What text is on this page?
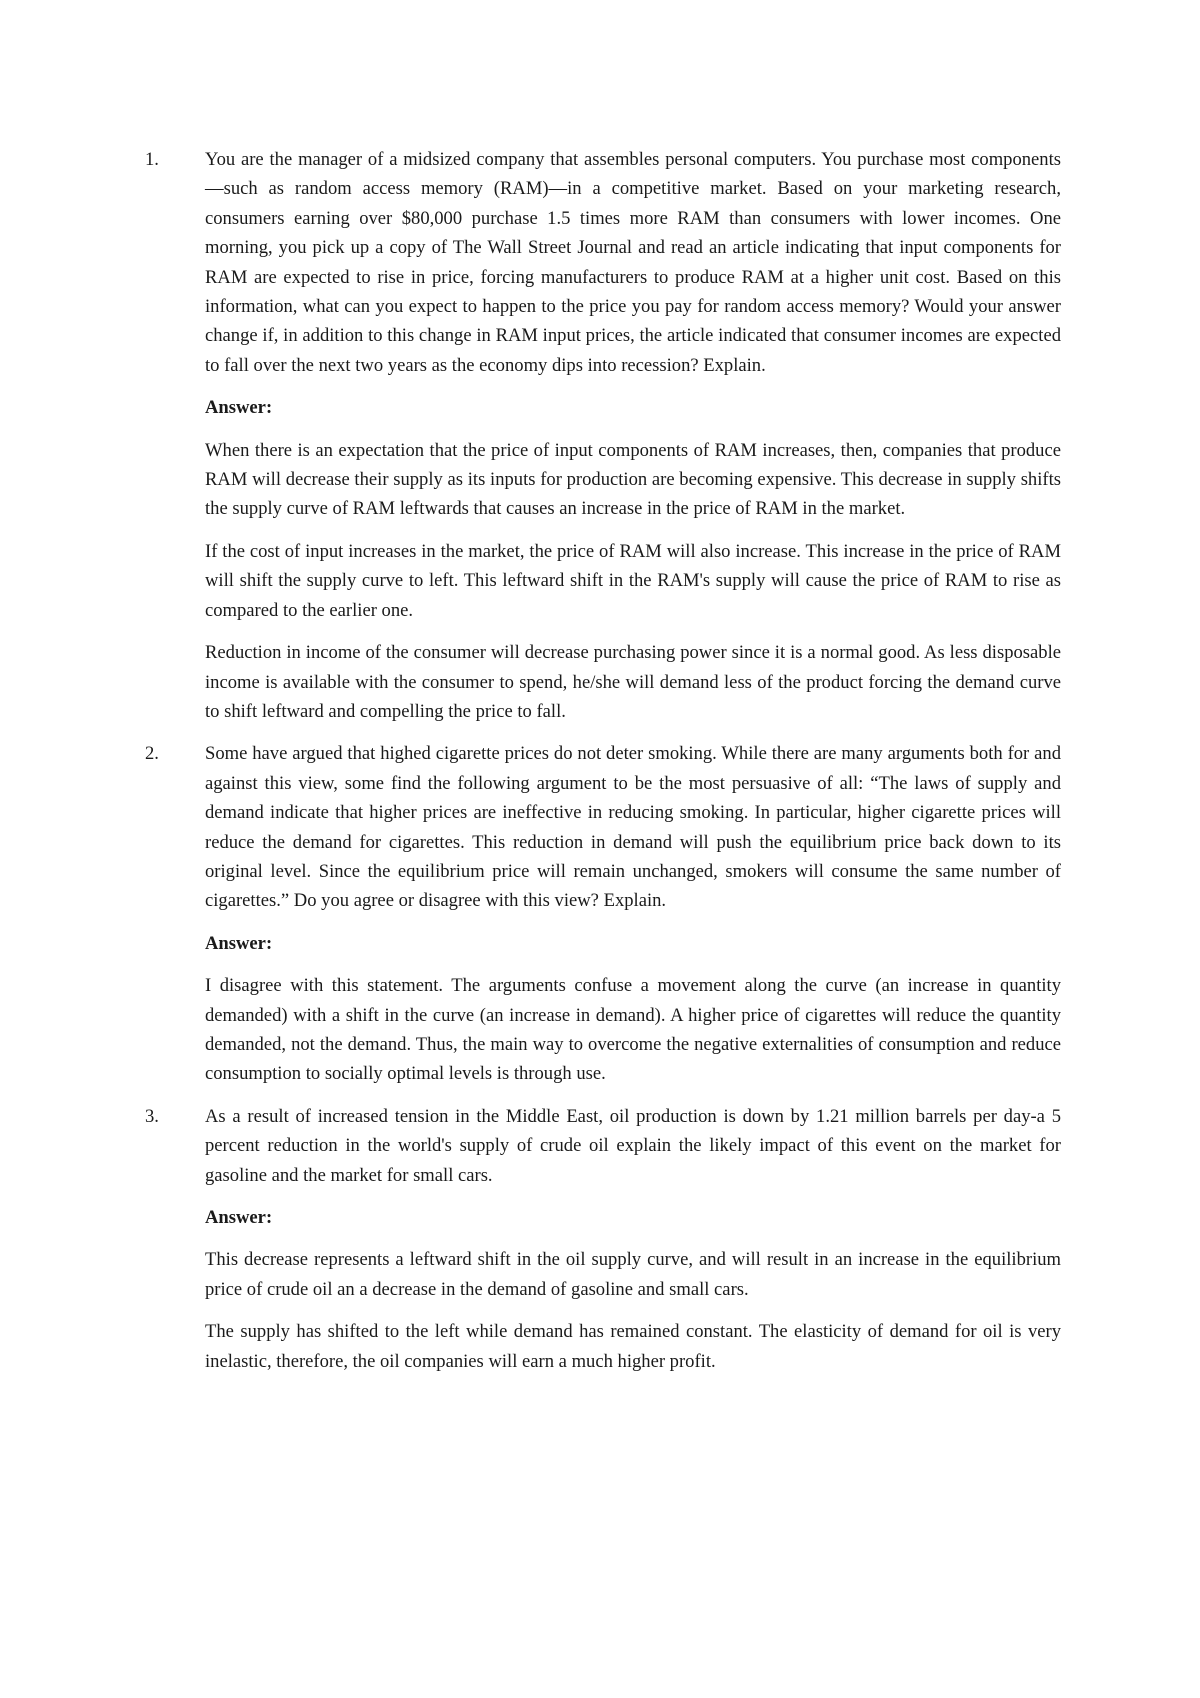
1.	You are the manager of a midsized company that assembles personal computers. You purchase most components—such as random access memory (RAM)—in a competitive market. Based on your marketing research, consumers earning over $80,000 purchase 1.5 times more RAM than consumers with lower incomes. One morning, you pick up a copy of The Wall Street Journal and read an article indicating that input components for RAM are expected to rise in price, forcing manufacturers to produce RAM at a higher unit cost. Based on this information, what can you expect to happen to the price you pay for random access memory? Would your answer change if, in addition to this change in RAM input prices, the article indicated that consumer incomes are expected to fall over the next two years as the economy dips into recession? Explain.

Answer:

When there is an expectation that the price of input components of RAM increases, then, companies that produce RAM will decrease their supply as its inputs for production are becoming expensive. This decrease in supply shifts the supply curve of RAM leftwards that causes an increase in the price of RAM in the market.

If the cost of input increases in the market, the price of RAM will also increase. This increase in the price of RAM will shift the supply curve to left. This leftward shift in the RAM's supply will cause the price of RAM to rise as compared to the earlier one.

Reduction in income of the consumer will decrease purchasing power since it is a normal good. As less disposable income is available with the consumer to spend, he/she will demand less of the product forcing the demand curve to shift leftward and compelling the price to fall.

2.	Some have argued that highed cigarette prices do not deter smoking. While there are many arguments both for and against this view, some find the following argument to be the most persuasive of all: “The laws of supply and demand indicate that higher prices are ineffective in reducing smoking. In particular, higher cigarette prices will reduce the demand for cigarettes. This reduction in demand will push the equilibrium price back down to its original level. Since the equilibrium price will remain unchanged, smokers will consume the same number of cigarettes.” Do you agree or disagree with this view? Explain.

Answer:

I disagree with this statement. The arguments confuse a movement along the curve (an increase in quantity demanded) with a shift in the curve (an increase in demand). A higher price of cigarettes will reduce the quantity demanded, not the demand. Thus, the main way to overcome the negative externalities of consumption and reduce consumption to socially optimal levels is through use.

3.	As a result of increased tension in the Middle East, oil production is down by 1.21 million barrels per day-a 5 percent reduction in the world's supply of crude oil explain the likely impact of this event on the market for gasoline and the market for small cars.

Answer:

This decrease represents a leftward shift in the oil supply curve, and will result in an increase in the equilibrium price of crude oil an a decrease in the demand of gasoline and small cars.

The supply has shifted to the left while demand has remained constant. The elasticity of demand for oil is very inelastic, therefore, the oil companies will earn a much higher profit.
